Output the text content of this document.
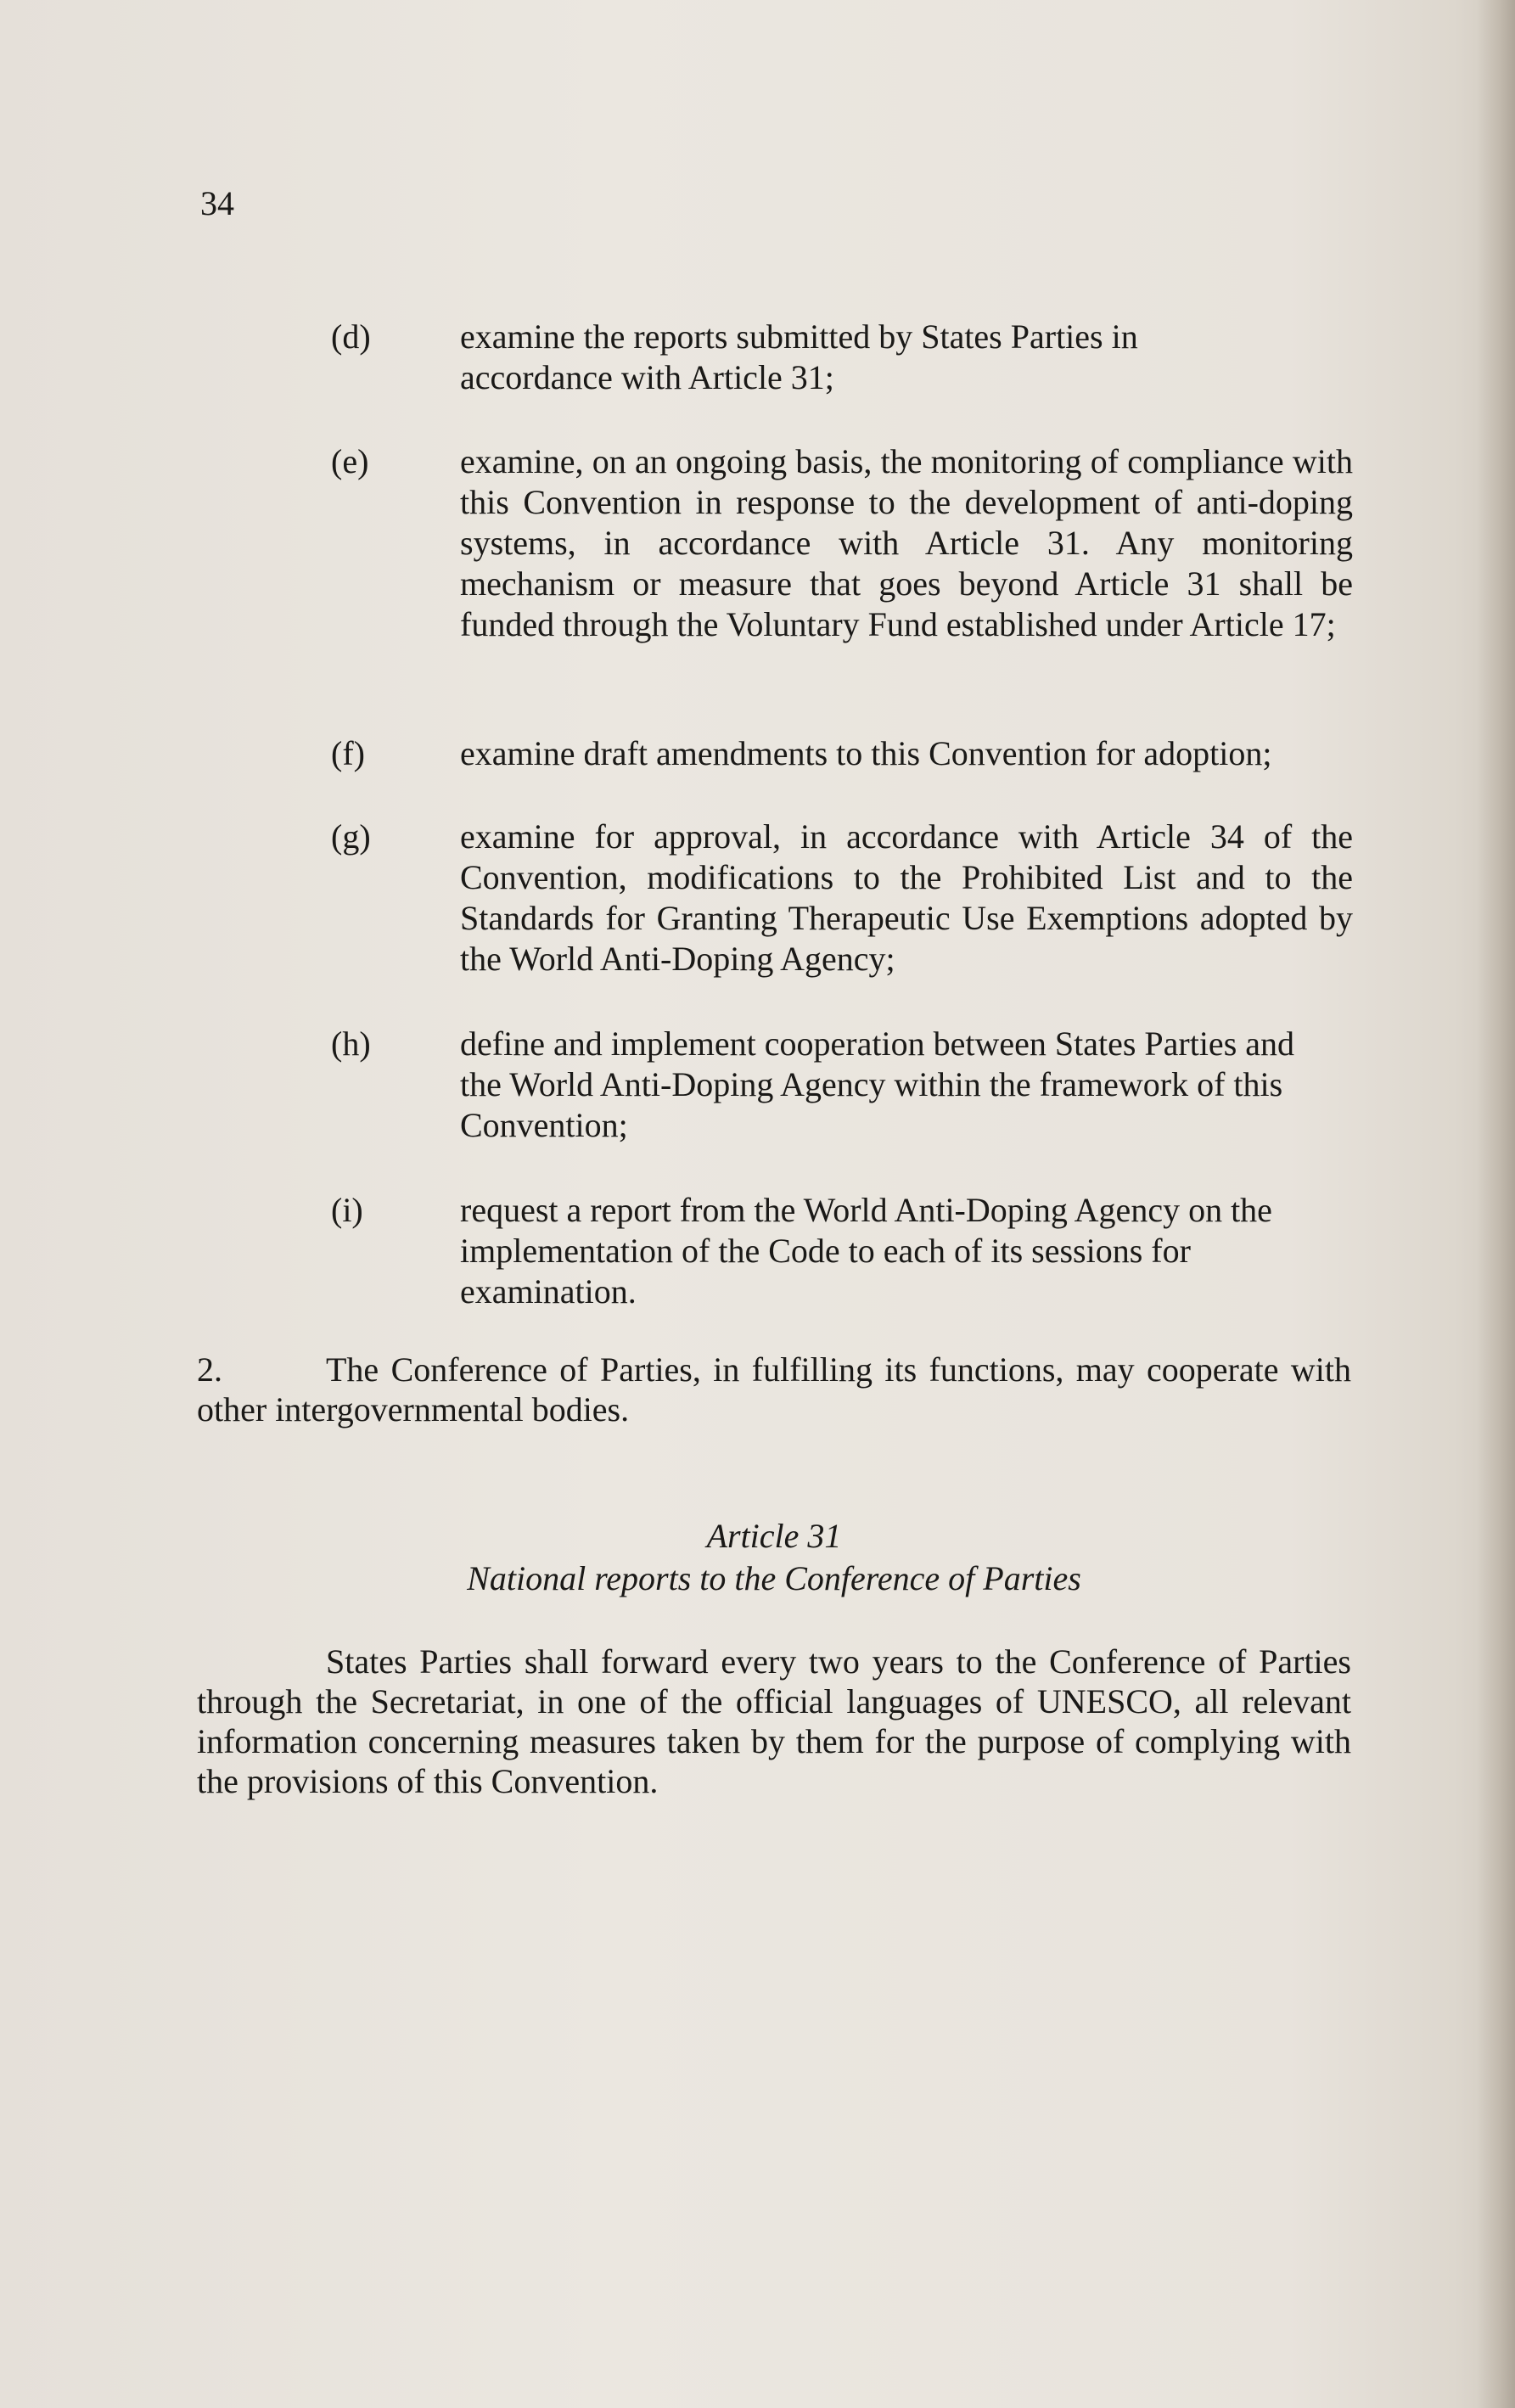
34
(d)	examine the reports submitted by States Parties in accordance with Article 31;
(e)	examine, on an ongoing basis, the monitoring of compliance with this Convention in response to the development of anti-doping systems, in accordance with Article 31. Any monitoring mechanism or measure that goes beyond Article 31 shall be funded through the Voluntary Fund established under Article 17;
(f)	examine draft amendments to this Convention for adoption;
(g)	examine for approval, in accordance with Article 34 of the Convention, modifications to the Prohibited List and to the Standards for Granting Therapeutic Use Exemptions adopted by the World Anti-Doping Agency;
(h)	define and implement cooperation between States Parties and the World Anti-Doping Agency within the framework of this Convention;
(i)	request a report from the World Anti-Doping Agency on the implementation of the Code to each of its sessions for examination.
2.	The Conference of Parties, in fulfilling its functions, may cooperate with other intergovernmental bodies.
Article 31
National reports to the Conference of Parties
States Parties shall forward every two years to the Conference of Parties through the Secretariat, in one of the official languages of UNESCO, all relevant information concerning measures taken by them for the purpose of complying with the provisions of this Convention.
